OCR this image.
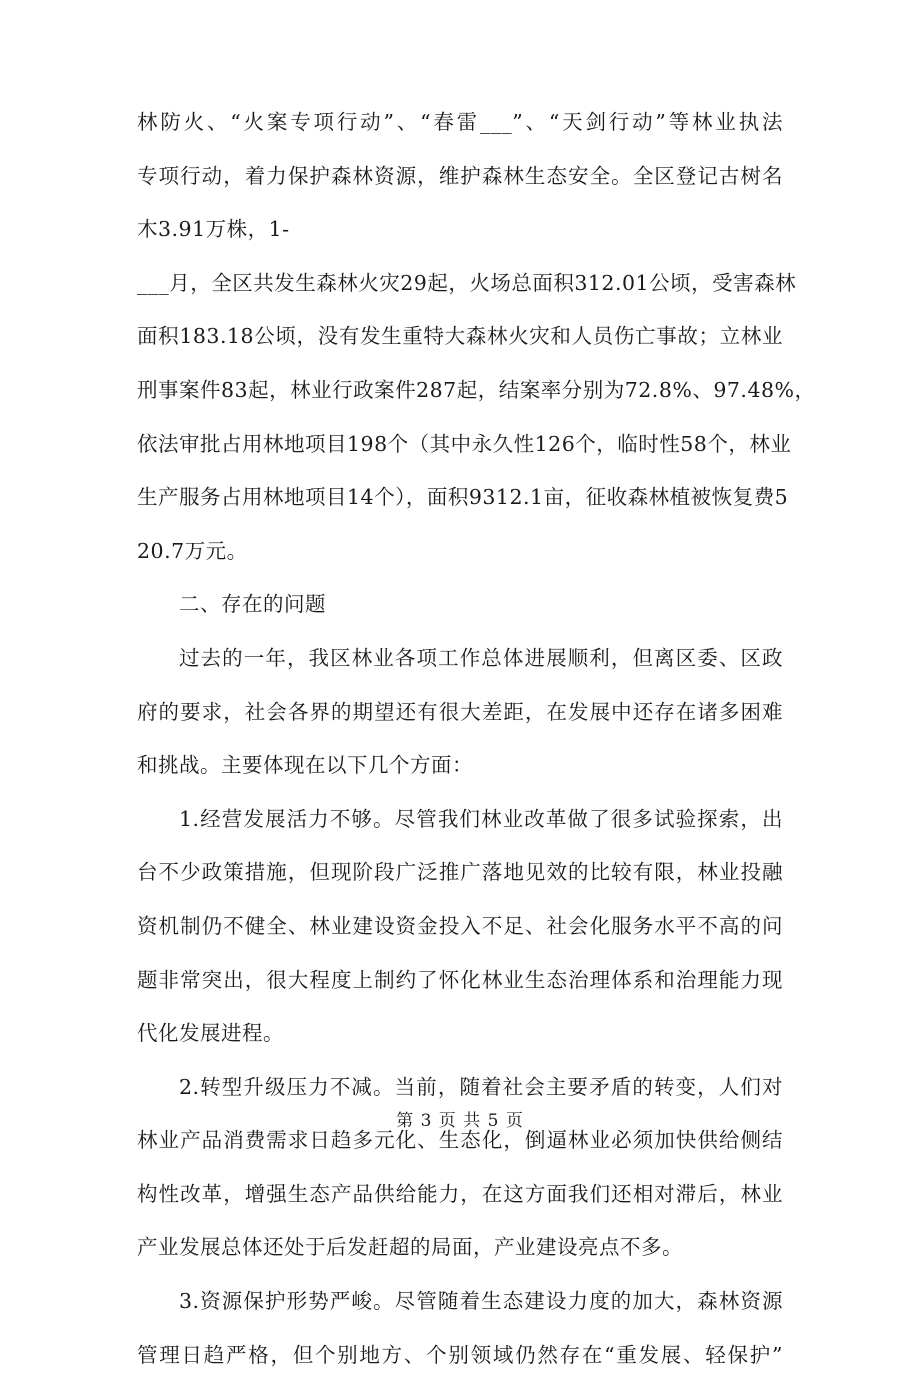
林防火、“火案专项行动”、“春雷___”、“天剑行动”等林业执法
专项行动，着力保护森林资源，维护森林生态安全。全区登记古树名
木3.91万株，1-
___月，全区共发生森林火灾29起，火场总面积312.01公顷，受害森林
面积183.18公顷，没有发生重特大森林火灾和人员伤亡事故；立林业
刑事案件83起，林业行政案件287起，结案率分别为72.8%、97.48%，
依法审批占用林地项目198个（其中永久性126个，临时性58个，林业
生产服务占用林地项目14个），面积9312.1亩，征收森林植被恢复费5
20.7万元。
二、存在的问题
过去的一年，我区林业各项工作总体进展顺利，但离区委、区政
府的要求，社会各界的期望还有很大差距，在发展中还存在诸多困难
和挑战。主要体现在以下几个方面：
1.经营发展活力不够。尽管我们林业改革做了很多试验探索，出
台不少政策措施，但现阶段广泛推广落地见效的比较有限，林业投融
资机制仍不健全、林业建设资金投入不足、社会化服务水平不高的问
题非常突出，很大程度上制约了怀化林业生态治理体系和治理能力现
代化发展进程。
2.转型升级压力不减。当前，随着社会主要矛盾的转变，人们对
林业产品消费需求日趋多元化、生态化，倒逼林业必须加快供给侧结
构性改革，增强生态产品供给能力，在这方面我们还相对滞后，林业
产业发展总体还处于后发赶超的局面，产业建设亮点不多。
3.资源保护形势严峻。尽管随着生态建设力度的加大，森林资源
管理日趋严格，但个别地方、个别领域仍然存在“重发展、轻保护”
第 3 页 共 5 页
